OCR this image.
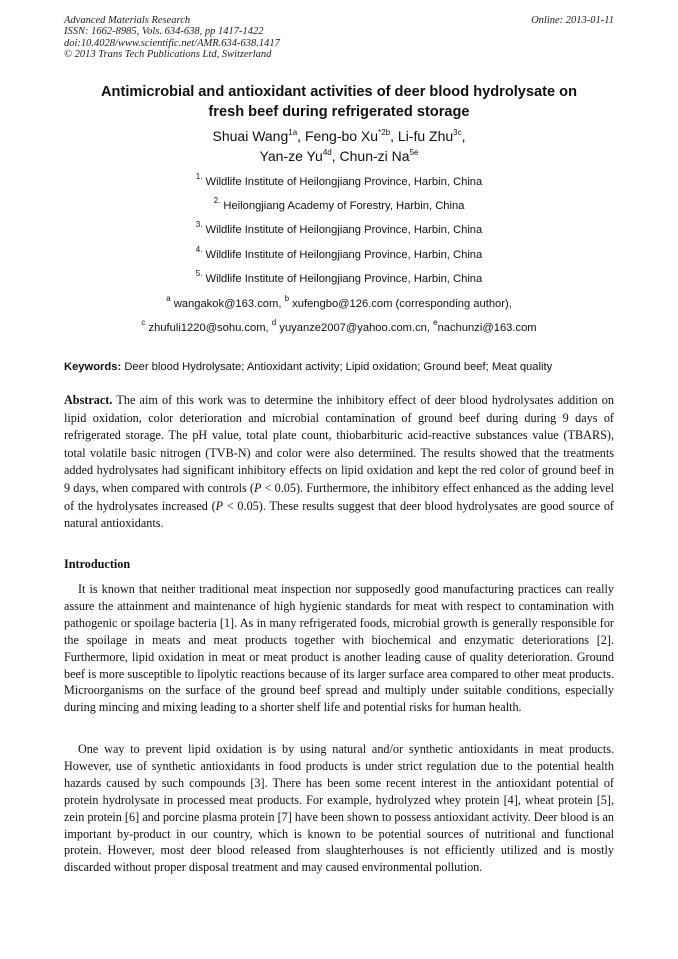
Advanced Materials Research
ISSN: 1662-8985, Vols. 634-638, pp 1417-1422
doi:10.4028/www.scientific.net/AMR.634-638.1417
© 2013 Trans Tech Publications Ltd, Switzerland
Online: 2013-01-11
Antimicrobial and antioxidant activities of deer blood hydrolysate on
fresh beef during refrigerated storage
Shuai Wang$^{1a}$, Feng-bo $Xu^{*2b}$, Li-fu Zhu$^{3c}$,
Yan-ze $Yu^{4d}$, Chun-zi $Na^{5e}$
$^{1.}$ Wildlife Institute of Heilongjiang Province, Harbin, China
$^{2.}$ Heilongjiang Academy of Forestry, Harbin, China
$^{3.}$ Wildlife Institute of Heilongjiang Province, Harbin, China
$^{4.}$ Wildlife Institute of Heilongjiang Province, Harbin, China
$^{5.}$ Wildlife Institute of Heilongjiang Province, Harbin, China
$^a$ wangakok@163.com, $^b$ xufengbo@126.com (corresponding author),
$^c$ zhufuli1220@sohu.com, $^d$ yuyanze2007@yahoo.com.cn, $^e$nachunzi@163.com
Keywords: Deer blood Hydrolysate; Antioxidant activity; Lipid oxidation; Ground beef; Meat quality
Abstract. The aim of this work was to determine the inhibitory effect of deer blood hydrolysates addition on lipid oxidation, color deterioration and microbial contamination of ground beef during during 9 days of refrigerated storage. The pH value, total plate count, thiobarbituric acid-reactive substances value (TBARS), total volatile basic nitrogen (TVB-N) and color were also determined. The results showed that the treatments added hydrolysates had significant inhibitory effects on lipid oxidation and kept the red color of ground beef in 9 days, when compared with controls (P < 0.05). Furthermore, the inhibitory effect enhanced as the adding level of the hydrolysates increased (P < 0.05). These results suggest that deer blood hydrolysates are good source of natural antioxidants.
Introduction

It is known that neither traditional meat inspection nor supposedly good manufacturing practices can really assure the attainment and maintenance of high hygienic standards for meat with respect to contamination with pathogenic or spoilage bacteria [1]. As in many refrigerated foods, microbial growth is generally responsible for the spoilage in meats and meat products together with biochemical and enzymatic deteriorations [2]. Furthermore, lipid oxidation in meat or meat product is another leading cause of quality deterioration. Ground beef is more susceptible to lipolytic reactions because of its larger surface area compared to other meat products. Microorganisms on the surface of the ground beef spread and multiply under suitable conditions, especially during mincing and mixing leading to a shorter shelf life and potential risks for human health.

One way to prevent lipid oxidation is by using natural and/or synthetic antioxidants in meat products. However, use of synthetic antioxidants in food products is under strict regulation due to the potential health hazards caused by such compounds [3]. There has been some recent interest in the antioxidant potential of protein hydrolysate in processed meat products. For example, hydrolyzed whey protein [4], wheat protein [5], zein protein [6] and porcine plasma protein [7] have been shown to possess antioxidant activity. Deer blood is an important by-product in our country, which is known to be potential sources of nutritional and functional protein. However, most deer blood released from slaughterhouses is not efficiently utilized and is mostly discarded without proper disposal treatment and may caused environmental pollution.
